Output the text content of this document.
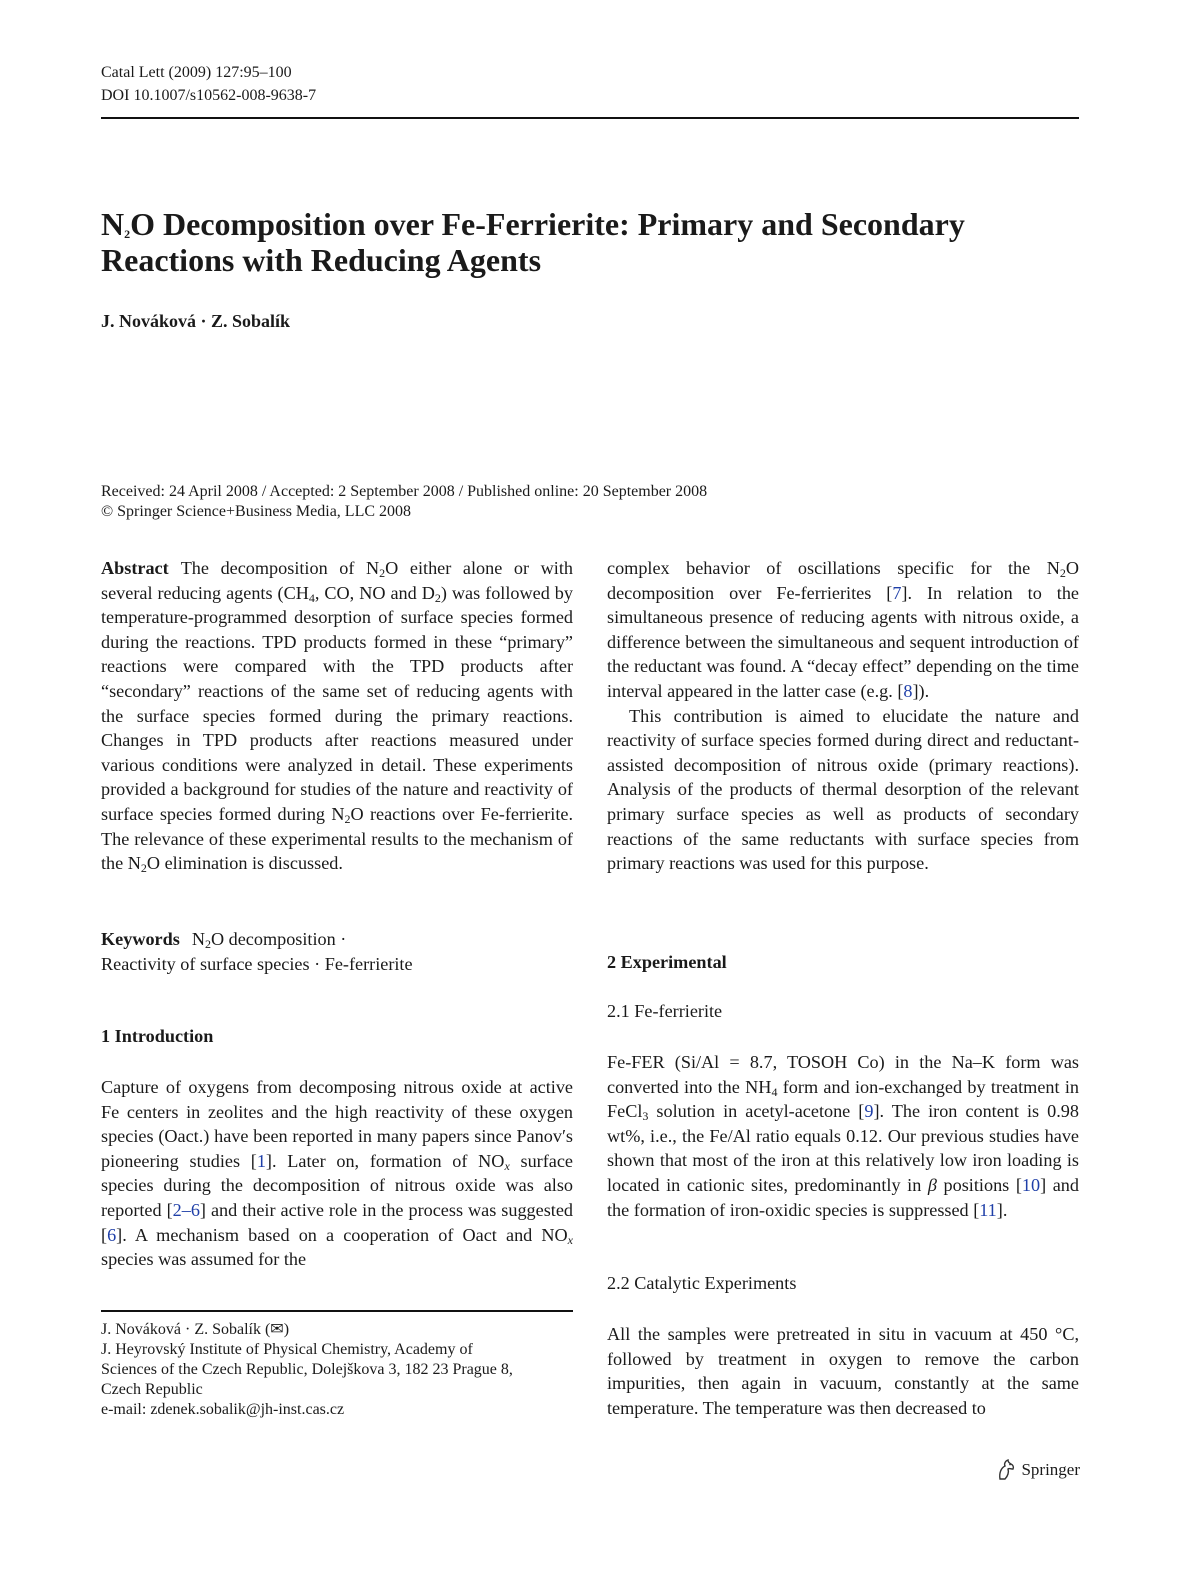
Catal Lett (2009) 127:95–100
DOI 10.1007/s10562-008-9638-7
$N_2O$ Decomposition over Fe-Ferrierite: Primary and Secondary
Reactions with Reducing Agents
J. Nováková · Z. Sobalík
Received: 24 April 2008 / Accepted: 2 September 2008 / Published online: 20 September 2008
© Springer Science+Business Media, LLC 2008

Abstract The decomposition of $N_2O$ either alone or with several reducing agents ($CH_4$, CO, NO and $D_2$) was followed by temperature-programmed desorption of surface species formed during the reactions. TPD products formed in these “primary” reactions were compared with the TPD products after “secondary” reactions of the same set of reducing agents with the surface species formed during the primary reactions. Changes in TPD products after reactions measured under various conditions were analyzed in detail. These experiments provided a background for studies of the nature and reactivity of surface species formed during $N_2O$ reactions over Fe-ferrierite. The relevance of these experimental results to the mechanism of the $N_2O$ elimination is discussed.

Keywords $N_2O$ decomposition ·
Reactivity of surface species · Fe-ferrierite
1 Introduction

Capture of oxygens from decomposing nitrous oxide at active Fe centers in zeolites and the high reactivity of these oxygen species (Oact.) have been reported in many papers since Panov′s pioneering studies [1]. Later on, formation of $NO_x$ surface species during the decomposition of nitrous oxide was also reported [2–6] and their active role in the process was suggested [6]. A mechanism based on a cooperation of Oact and $NO_x$ species was assumed for the

J. Nováková · Z. Sobalík (✉)
J. Heyrovský Institute of Physical Chemistry, Academy of
Sciences of the Czech Republic, Dolejškova 3, 182 23 Prague 8,
Czech Republic
e-mail: zdenek.sobalik@jh-inst.cas.cz

complex behavior of oscillations specific for the $N_2O$ decomposition over Fe-ferrierites [7]. In relation to the simultaneous presence of reducing agents with nitrous oxide, a difference between the simultaneous and sequent introduction of the reductant was found. A “decay effect” depending on the time interval appeared in the latter case (e.g. [8]).

This contribution is aimed to elucidate the nature and reactivity of surface species formed during direct and reductant-assisted decomposition of nitrous oxide (primary reactions). Analysis of the products of thermal desorption of the relevant primary surface species as well as products of secondary reactions of the same reductants with surface species from primary reactions was used for this purpose.

2 Experimental
2.1 Fe-ferrierite

Fe-FER (Si/Al = 8.7, TOSOH Co) in the Na–K form was converted into the $NH_4$ form and ion-exchanged by treatment in FeCl$_3$ solution in acetyl-acetone [9]. The iron content is 0.98 wt%, i.e., the Fe/Al ratio equals 0.12. Our previous studies have shown that most of the iron at this relatively low iron loading is located in cationic sites, predominantly in β positions [10] and the formation of iron-oxidic species is suppressed [11].

2.2 Catalytic Experiments

All the samples were pretreated in situ in vacuum at 450 °C, followed by treatment in oxygen to remove the carbon impurities, then again in vacuum, constantly at the same temperature. The temperature was then decreased to

Springer
